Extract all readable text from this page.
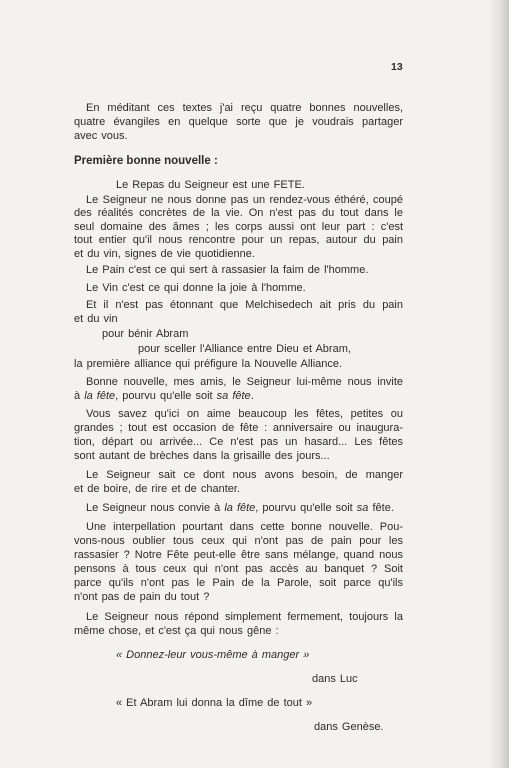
13
En méditant ces textes j'ai reçu quatre bonnes nouvelles,
quatre évangiles en quelque sorte que je voudrais partager
avec vous.
Première bonne nouvelle :
Le Repas du Seigneur est une FETE.
Le Seigneur ne nous donne pas un rendez-vous éthéré, coupé
des réalités concrètes de la vie. On n'est pas du tout dans le
seul domaine des âmes ; les corps aussi ont leur part : c'est
tout entier qu'il nous rencontre pour un repas, autour du pain
et du vin, signes de vie quotidienne.
Le Pain c'est ce qui sert à rassasier la faim de l'homme.
Le Vin c'est ce qui donne la joie à l'homme.
Et il n'est pas étonnant que Melchisedech ait pris du pain
et du vin
pour bénir Abram
pour sceller l'Alliance entre Dieu et Abram,
la première alliance qui préfigure la Nouvelle Alliance.
Bonne nouvelle, mes amis, le Seigneur lui-même nous invite
à la fête, pourvu qu'elle soit sa fête.
Vous savez qu'ici on aime beaucoup les fêtes, petites ou
grandes ; tout est occasion de fête : anniversaire ou inaugura-
tion, départ ou arrivée... Ce n'est pas un hasard... Les fêtes
sont autant de brèches dans la grisaille des jours...
Le Seigneur sait ce dont nous avons besoin, de manger
et de boire, de rire et de chanter.
Le Seigneur nous convie à la fête, pourvu qu'elle soit sa fête.
Une interpellation pourtant dans cette bonne nouvelle. Pou-
vons-nous oublier tous ceux qui n'ont pas de pain pour les
rassasier ? Notre Fête peut-elle être sans mélange, quand nous
pensons à tous ceux qui n'ont pas accès au banquet ? Soit
parce qu'ils n'ont pas le Pain de la Parole, soit parce qu'ils
n'ont pas de pain du tout ?
Le Seigneur nous répond simplement fermement, toujours la
même chose, et c'est ça qui nous gêne :
« Donnez-leur vous-même à manger »
dans Luc
« Et Abram lui donna la dîme de tout »
dans Genèse.
